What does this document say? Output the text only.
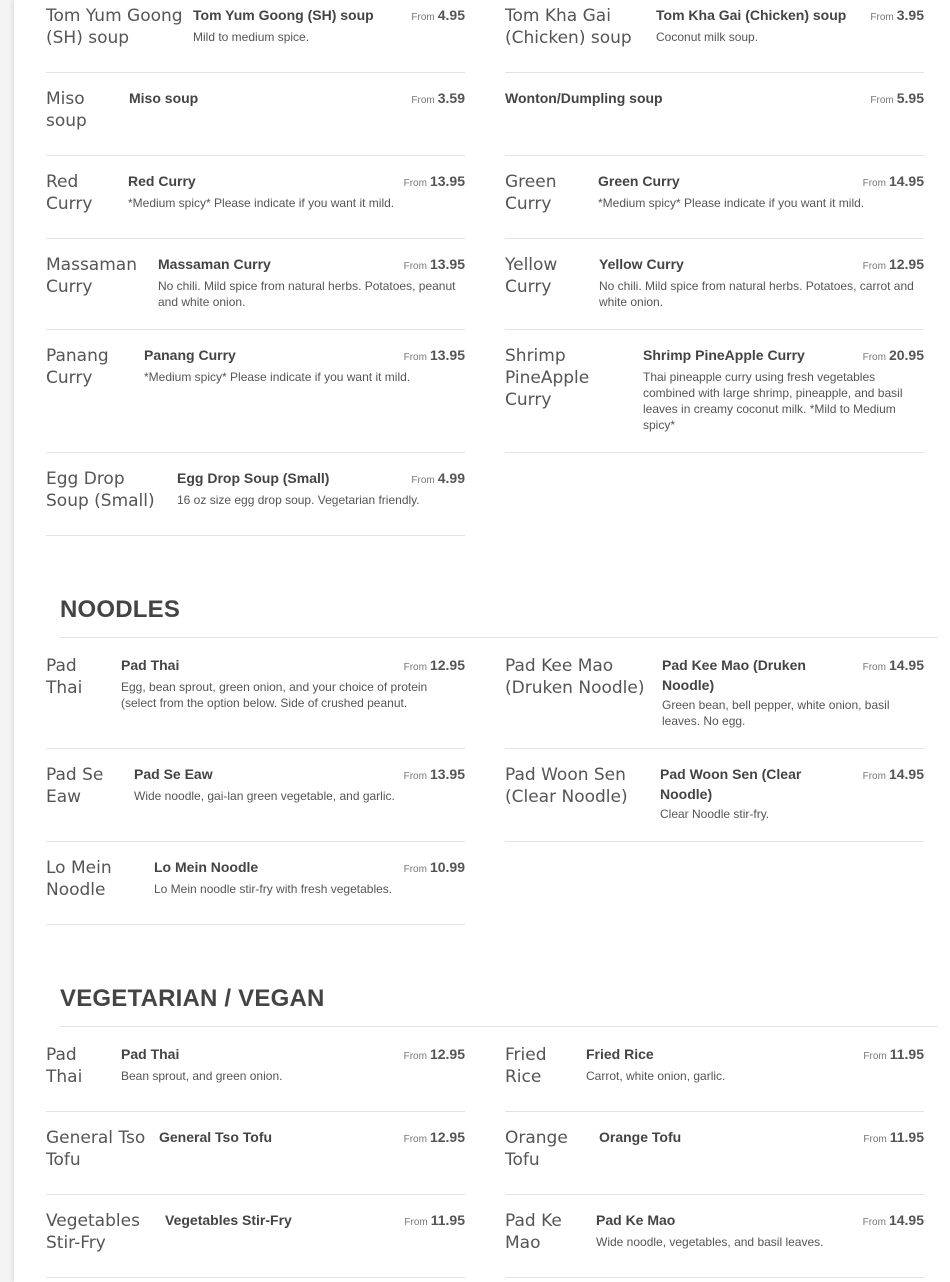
Tom Yum Goong (SH) soup
Tom Yum Goong (SH) soup	From 4.95
Mild to medium spice.
Tom Kha Gai (Chicken) soup
Tom Kha Gai (Chicken) soup	From 3.95
Coconut milk soup.
Miso soup
Miso soup	From 3.59	Wonton/Dumpling soup	From 5.95
Red Curry
Red Curry	From 13.95
*Medium spicy* Please indicate if you want it mild.
Green Curry
Green Curry	From 14.95
*Medium spicy* Please indicate if you want it mild.
Massaman Curry
Massaman Curry	From 13.95
No chili. Mild spice from natural herbs. Potatoes, peanut and white onion.
Yellow Curry
Yellow Curry	From 12.95
No chili. Mild spice from natural herbs. Potatoes, carrot and white onion.
Panang Curry
Panang Curry	From 13.95
*Medium spicy* Please indicate if you want it mild.
Shrimp PineApple Curry
Shrimp PineApple Curry	From 20.95
Thai pineapple curry using fresh vegetables combined with large shrimp, pineapple, and basil leaves in creamy coconut milk. *Mild to Medium spicy*
Egg Drop Soup (Small)
Egg Drop Soup (Small)	From 4.99
16 oz size egg drop soup. Vegetarian friendly.
Pad Thai
Pad Thai	From 12.95
Egg, bean sprout, green onion, and your choice of protein (select from the option below. Side of crushed peanut.
Pad Kee Mao (Druken Noodle)
Pad Kee Mao (Druken Noodle)
From 14.95
Green bean, bell pepper, white onion, basil leaves. No egg.
Pad Se Eaw
Pad Se Eaw	From 13.95
Wide noodle, gai-lan green vegetable, and garlic.
Pad Woon Sen (Clear Noodle)
Pad Woon Sen (Clear Noodle)
From 14.95
Clear Noodle stir-fry.
Lo Mein Noodle
Lo Mein Noodle	From 10.99
Lo Mein noodle stir-fry with fresh vegetables.
Pad Thai
Pad Thai	From 12.95
Bean sprout, and green onion.
Fried Rice
Fried Rice	From 11.95
Carrot, white onion, garlic.
General Tso Tofu
General Tso Tofu	From 12.95 Orange Tofu
Orange Tofu	From 11.95
Vegetables Stir-Fry
Vegetables Stir-Fry	From 11.95 Pad Ke Mao
Pad Ke Mao	From 14.95
Wide noodle, vegetables, and basil leaves.
NOODLES
VEGETARIAN / VEGAN
